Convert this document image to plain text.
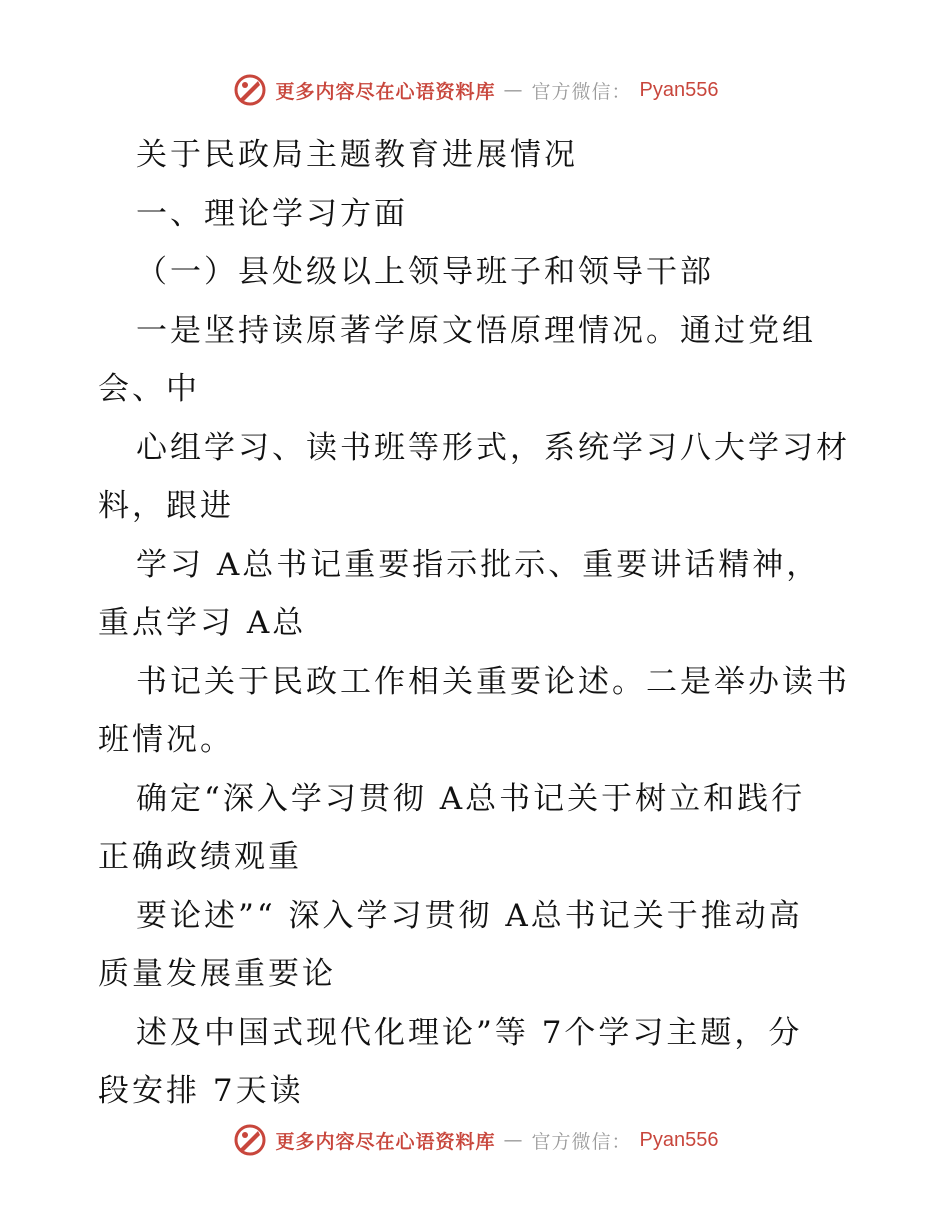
更多内容尽在心语资料库 — 官方微信： Pyan556
关于民政局主题教育进展情况
一、理论学习方面
（一）县处级以上领导班子和领导干部
一是坚持读原著学原文悟原理情况。通过党组
会、中
心组学习、读书班等形式，系统学习八大学习材
料，跟进
学习 A总书记重要指示批示、重要讲话精神，
重点学习 A总
书记关于民政工作相关重要论述。二是举办读书
班情况。
确定“深入学习贯彻 A总书记关于树立和践行
正确政绩观重
要论述”“ 深入学习贯彻 A总书记关于推动高
质量发展重要论
述及中国式现代化理论”等 7个学习主题，分
段安排 7天读
更多内容尽在心语资料库 — 官方微信： Pyan556
